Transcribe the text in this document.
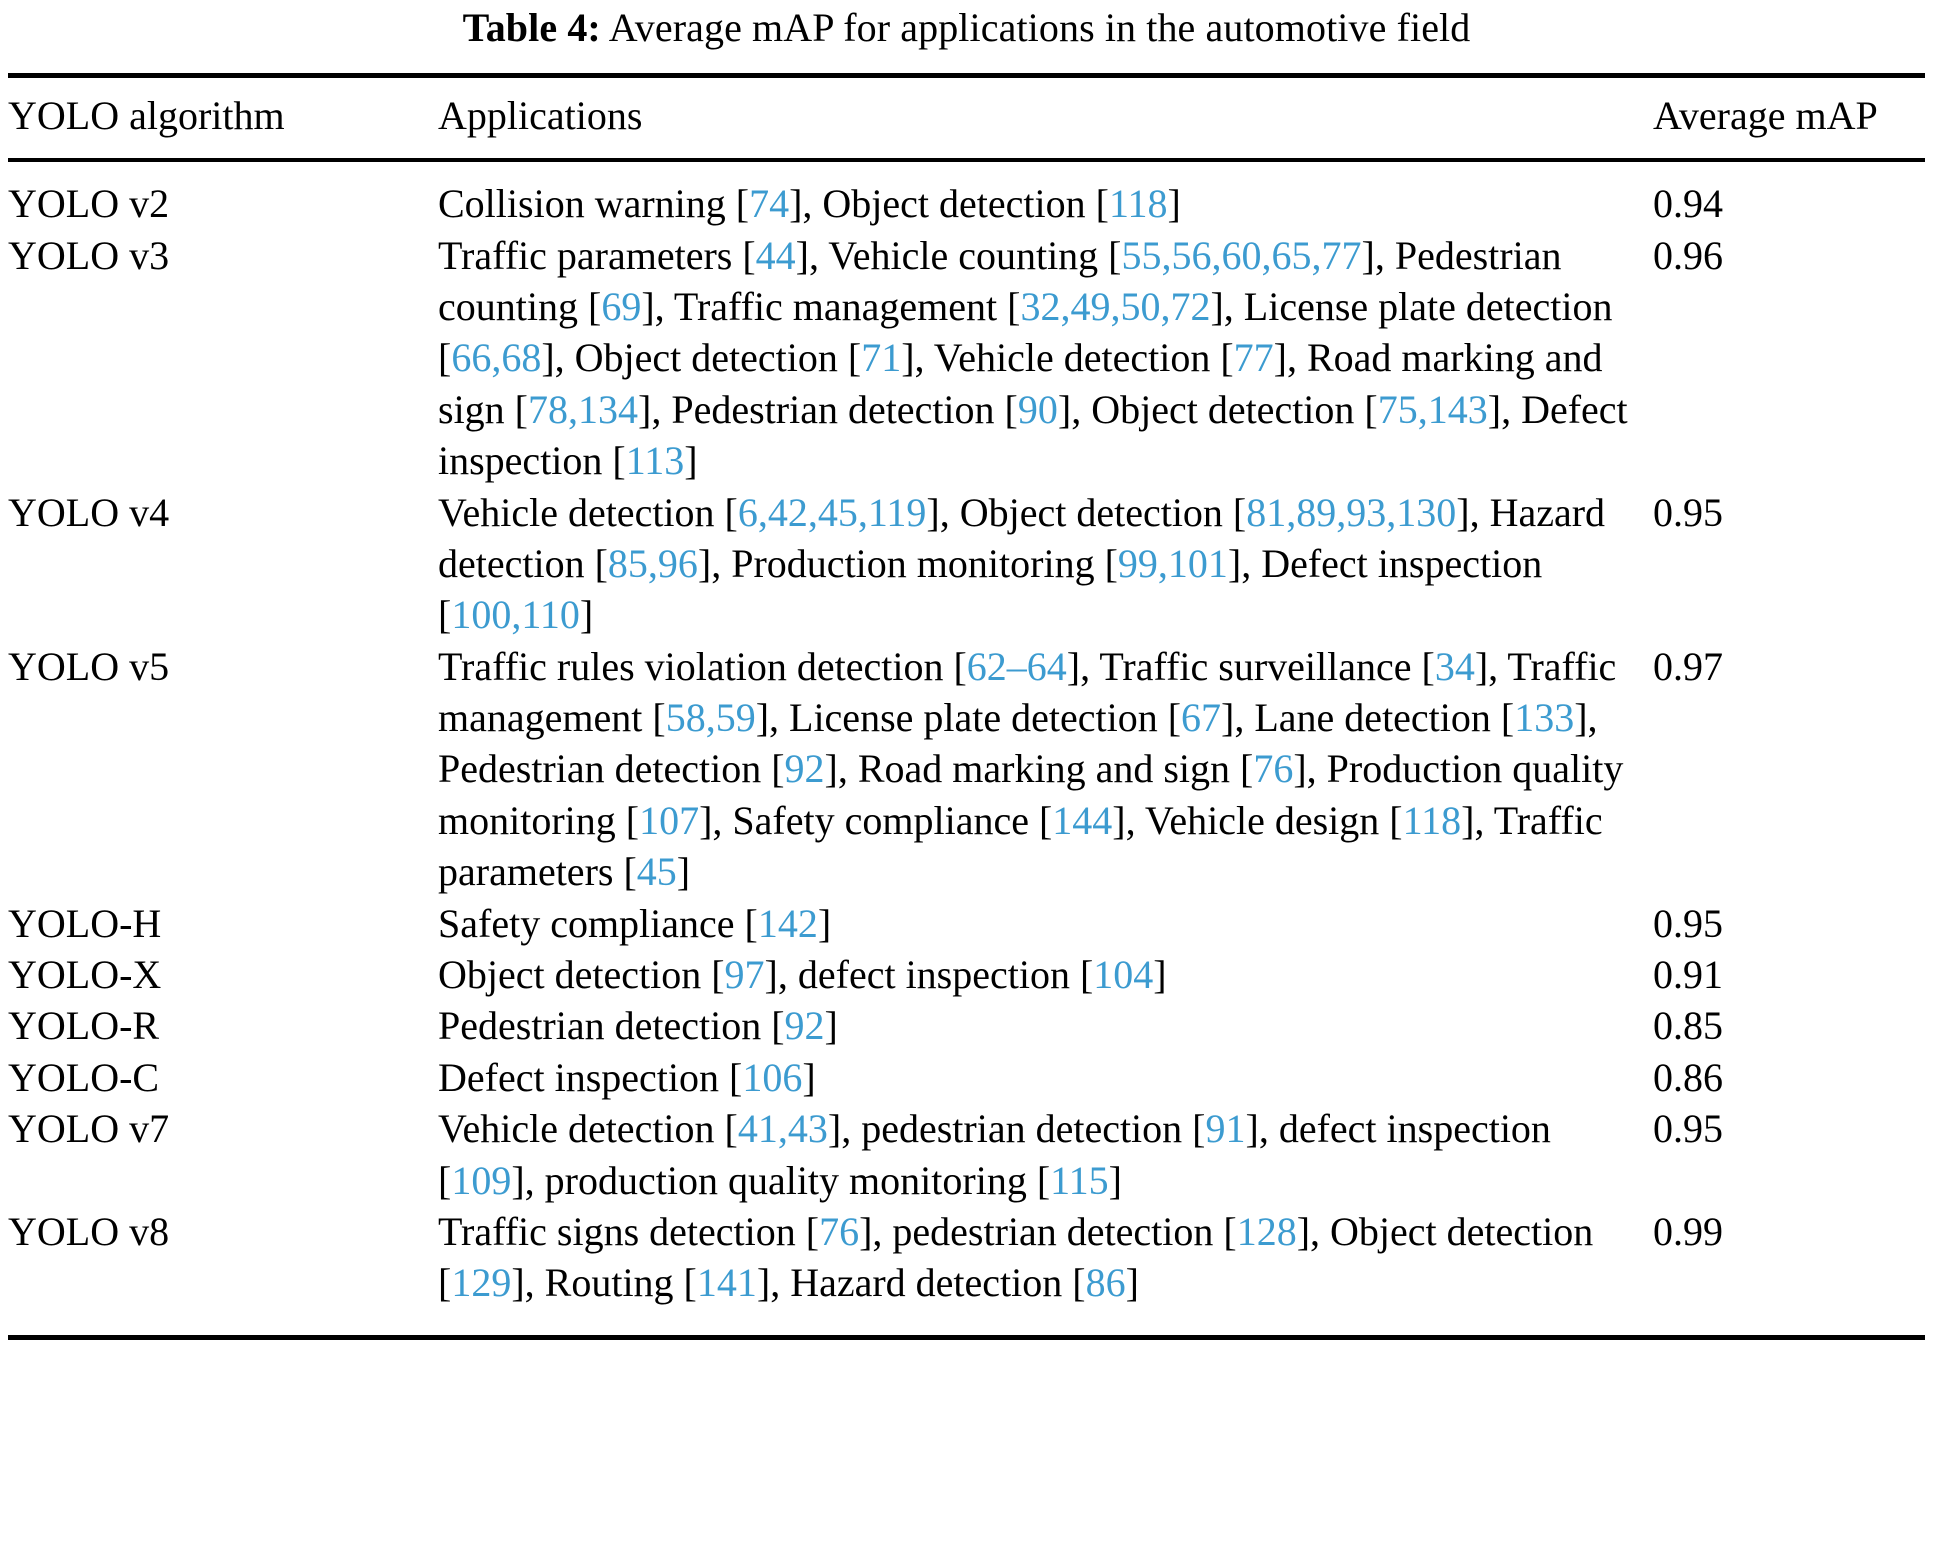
Table 4: Average mAP for applications in the automotive field
YOLO algorithm	Applications	Average mAP
YOLO v2	Collision warning [74], Object detection [118]	0.94
YOLO v3	Traffic parameters [44], Vehicle counting [55,56,60,65,77], Pedestrian counting [69], Traffic management [32,49,50,72], License plate detection [66,68], Object detection [71], Vehicle detection [77], Road marking and sign [78,134], Pedestrian detection [90], Object detection [75,143], Defect inspection [113]	0.96
YOLO v4	Vehicle detection [6,42,45,119], Object detection [81,89,93,130], Hazard detection [85,96], Production monitoring [99,101], Defect inspection [100,110]	0.95
YOLO v5	Traffic rules violation detection [62–64], Traffic surveillance [34], Traffic management [58,59], License plate detection [67], Lane detection [133], Pedestrian detection [92], Road marking and sign [76], Production quality monitoring [107], Safety compliance [144], Vehicle design [118], Traffic parameters [45]	0.97
YOLO-H	Safety compliance [142]	0.95
YOLO-X	Object detection [97], defect inspection [104]	0.91
YOLO-R	Pedestrian detection [92]	0.85
YOLO-C	Defect inspection [106]	0.86
YOLO v7	Vehicle detection [41,43], pedestrian detection [91], defect inspection [109], production quality monitoring [115]	0.95
YOLO v8	Traffic signs detection [76], pedestrian detection [128], Object detection [129], Routing [141], Hazard detection [86]	0.99
